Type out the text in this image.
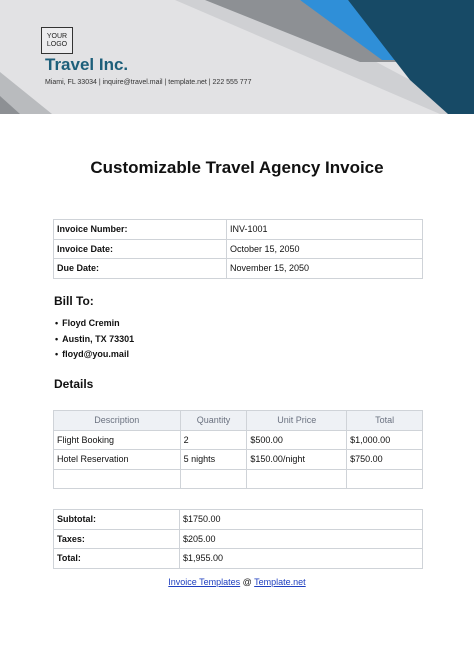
YOUR LOGO
Travel Inc.
Miami, FL 33034 | inquire@travel.mail | template.net | 222 555 777
Customizable Travel Agency Invoice
Invoice Number:	INV-1001
Invoice Date:	October 15, 2050
Due Date:	November 15, 2050
Bill To:
• Floyd Cremin
• Austin, TX 73301
• floyd@you.mail
Details
Description	Quantity	Unit Price	Total
Flight Booking	2	$500.00	$1,000.00
Hotel Reservation	5 nights	$150.00/night	$750.00

Subtotal:	$1750.00
Taxes:	$205.00
Total:	$1,955.00
Invoice Templates @ Template.net
